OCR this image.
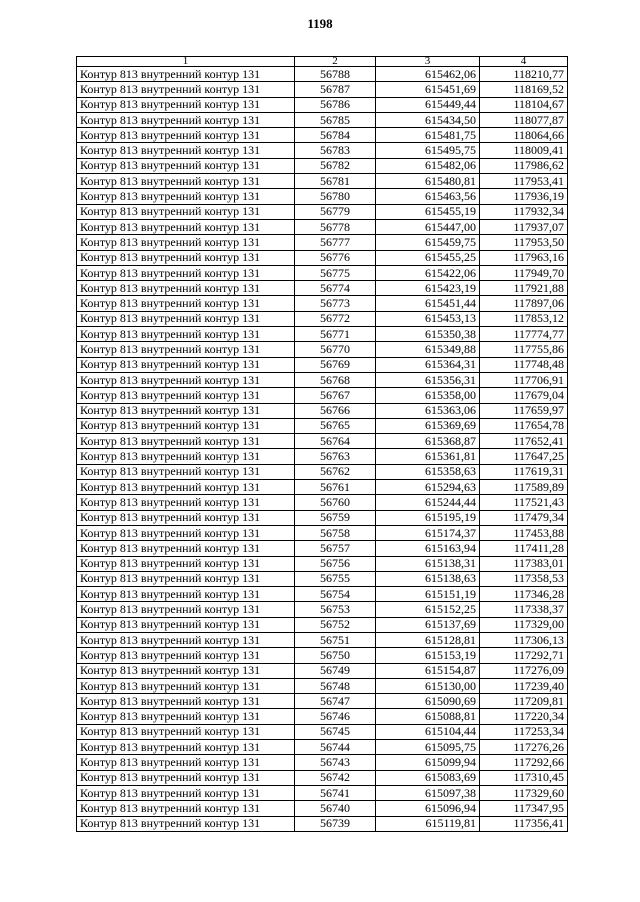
1198
1	2	3	4
Контур 813 внутренний контур 131	56788	615462,06	118210,77
Контур 813 внутренний контур 131	56787	615451,69	118169,52
Контур 813 внутренний контур 131	56786	615449,44	118104,67
Контур 813 внутренний контур 131	56785	615434,50	118077,87
Контур 813 внутренний контур 131	56784	615481,75	118064,66
Контур 813 внутренний контур 131	56783	615495,75	118009,41
Контур 813 внутренний контур 131	56782	615482,06	117986,62
Контур 813 внутренний контур 131	56781	615480,81	117953,41
Контур 813 внутренний контур 131	56780	615463,56	117936,19
Контур 813 внутренний контур 131	56779	615455,19	117932,34
Контур 813 внутренний контур 131	56778	615447,00	117937,07
Контур 813 внутренний контур 131	56777	615459,75	117953,50
Контур 813 внутренний контур 131	56776	615455,25	117963,16
Контур 813 внутренний контур 131	56775	615422,06	117949,70
Контур 813 внутренний контур 131	56774	615423,19	117921,88
Контур 813 внутренний контур 131	56773	615451,44	117897,06
Контур 813 внутренний контур 131	56772	615453,13	117853,12
Контур 813 внутренний контур 131	56771	615350,38	117774,77
Контур 813 внутренний контур 131	56770	615349,88	117755,86
Контур 813 внутренний контур 131	56769	615364,31	117748,48
Контур 813 внутренний контур 131	56768	615356,31	117706,91
Контур 813 внутренний контур 131	56767	615358,00	117679,04
Контур 813 внутренний контур 131	56766	615363,06	117659,97
Контур 813 внутренний контур 131	56765	615369,69	117654,78
Контур 813 внутренний контур 131	56764	615368,87	117652,41
Контур 813 внутренний контур 131	56763	615361,81	117647,25
Контур 813 внутренний контур 131	56762	615358,63	117619,31
Контур 813 внутренний контур 131	56761	615294,63	117589,89
Контур 813 внутренний контур 131	56760	615244,44	117521,43
Контур 813 внутренний контур 131	56759	615195,19	117479,34
Контур 813 внутренний контур 131	56758	615174,37	117453,88
Контур 813 внутренний контур 131	56757	615163,94	117411,28
Контур 813 внутренний контур 131	56756	615138,31	117383,01
Контур 813 внутренний контур 131	56755	615138,63	117358,53
Контур 813 внутренний контур 131	56754	615151,19	117346,28
Контур 813 внутренний контур 131	56753	615152,25	117338,37
Контур 813 внутренний контур 131	56752	615137,69	117329,00
Контур 813 внутренний контур 131	56751	615128,81	117306,13
Контур 813 внутренний контур 131	56750	615153,19	117292,71
Контур 813 внутренний контур 131	56749	615154,87	117276,09
Контур 813 внутренний контур 131	56748	615130,00	117239,40
Контур 813 внутренний контур 131	56747	615090,69	117209,81
Контур 813 внутренний контур 131	56746	615088,81	117220,34
Контур 813 внутренний контур 131	56745	615104,44	117253,34
Контур 813 внутренний контур 131	56744	615095,75	117276,26
Контур 813 внутренний контур 131	56743	615099,94	117292,66
Контур 813 внутренний контур 131	56742	615083,69	117310,45
Контур 813 внутренний контур 131	56741	615097,38	117329,60
Контур 813 внутренний контур 131	56740	615096,94	117347,95
Контур 813 внутренний контур 131	56739	615119,81	117356,41
